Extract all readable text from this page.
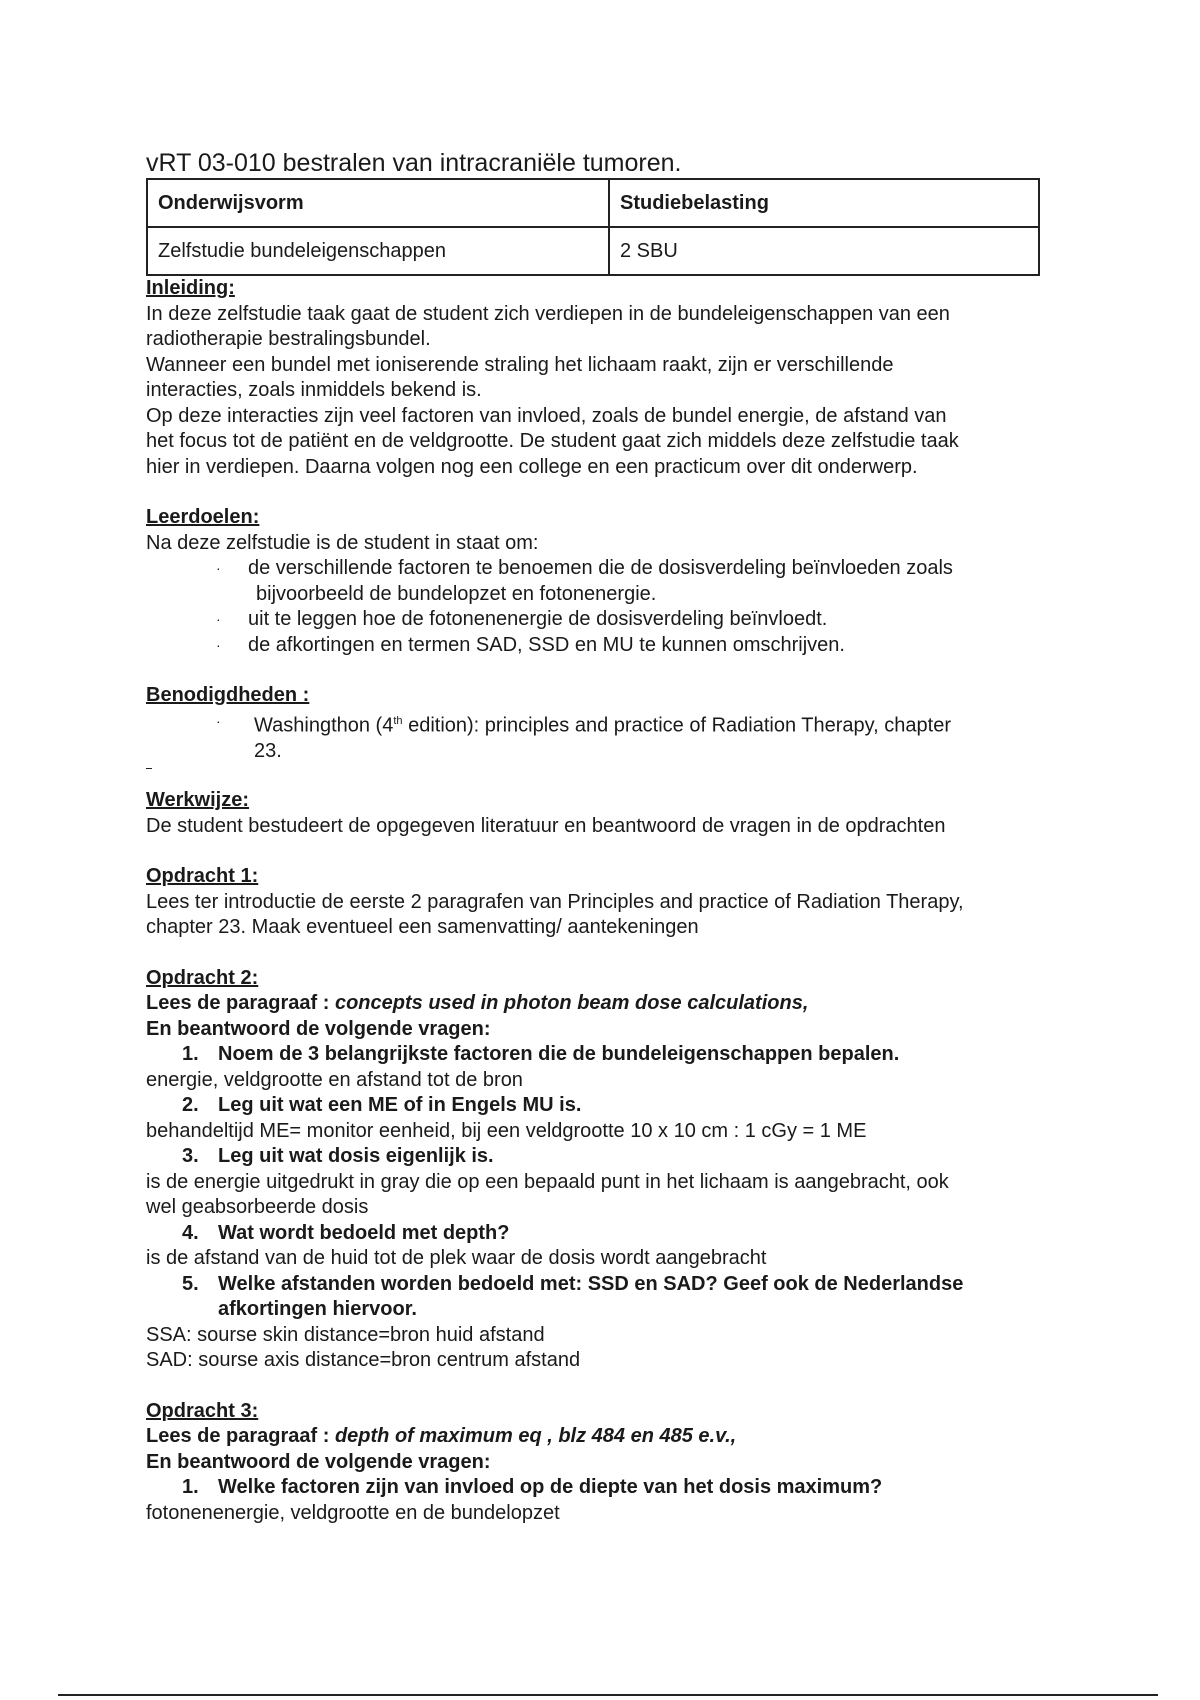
vRT 03-010 bestralen van intracraniële tumoren.
Onderwijsvorm	Studiebelasting
Zelfstudie bundeleigenschappen	2 SBU

Inleiding:

In deze zelfstudie taak gaat de student zich verdiepen in de bundeleigenschappen van een

radiotherapie bestralingsbundel.

Wanneer een bundel met ioniserende straling het lichaam raakt, zijn er verschillende

interacties, zoals inmiddels bekend is.

Op deze interacties zijn veel factoren van invloed, zoals de bundel energie, de afstand van

het focus tot de patiënt en de veldgrootte. De student gaat zich middels deze zelfstudie taak

hier in verdiepen. Daarna volgen nog een college en een practicum over dit onderwerp.

Leerdoelen:

Na deze zelfstudie is de student in staat om:

· de verschillende factoren te benoemen die de dosisverdeling beïnvloeden zoals
bijvoorbeeld de bundelopzet en fotonenergie.
· uit te leggen hoe de fotonenenergie de dosisverdeling beïnvloedt.
· de afkortingen en termen SAD, SSD en MU te kunnen omschrijven.

Benodigdheden :

· Washingthon (4th edition): principles and practice of Radiation Therapy, chapter
23.

Werkwijze:

De student bestudeert de opgegeven literatuur en beantwoord de vragen in de opdrachten

Opdracht 1:

Lees ter introductie de eerste 2 paragrafen van Principles and practice of Radiation Therapy,

chapter 23. Maak eventueel een samenvatting/ aantekeningen

Opdracht 2:

Lees de paragraaf : concepts used in photon beam dose calculations,

En beantwoord de volgende vragen:

1. Noem de 3 belangrijkste factoren die de bundeleigenschappen bepalen.

energie, veldgrootte en afstand tot de bron

2. Leg uit wat een ME of in Engels MU is.

behandeltijd ME= monitor eenheid, bij een veldgrootte 10 x 10 cm : 1 cGy = 1 ME

3. Leg uit wat dosis eigenlijk is.

is de energie uitgedrukt in gray die op een bepaald punt in het lichaam is aangebracht, ook

wel geabsorbeerde dosis

4. Wat wordt bedoeld met depth?

is de afstand van de huid tot de plek waar de dosis wordt aangebracht

5. Welke afstanden worden bedoeld met: SSD en SAD? Geef ook de Nederlandse
afkortingen hiervoor.

SSA: sourse skin distance=bron huid afstand

SAD: sourse axis distance=bron centrum afstand

Opdracht 3:

Lees de paragraaf : depth of maximum eq , blz 484 en 485 e.v.,

En beantwoord de volgende vragen:

1. Welke factoren zijn van invloed op de diepte van het dosis maximum?

fotonenenergie, veldgrootte en de bundelopzet
